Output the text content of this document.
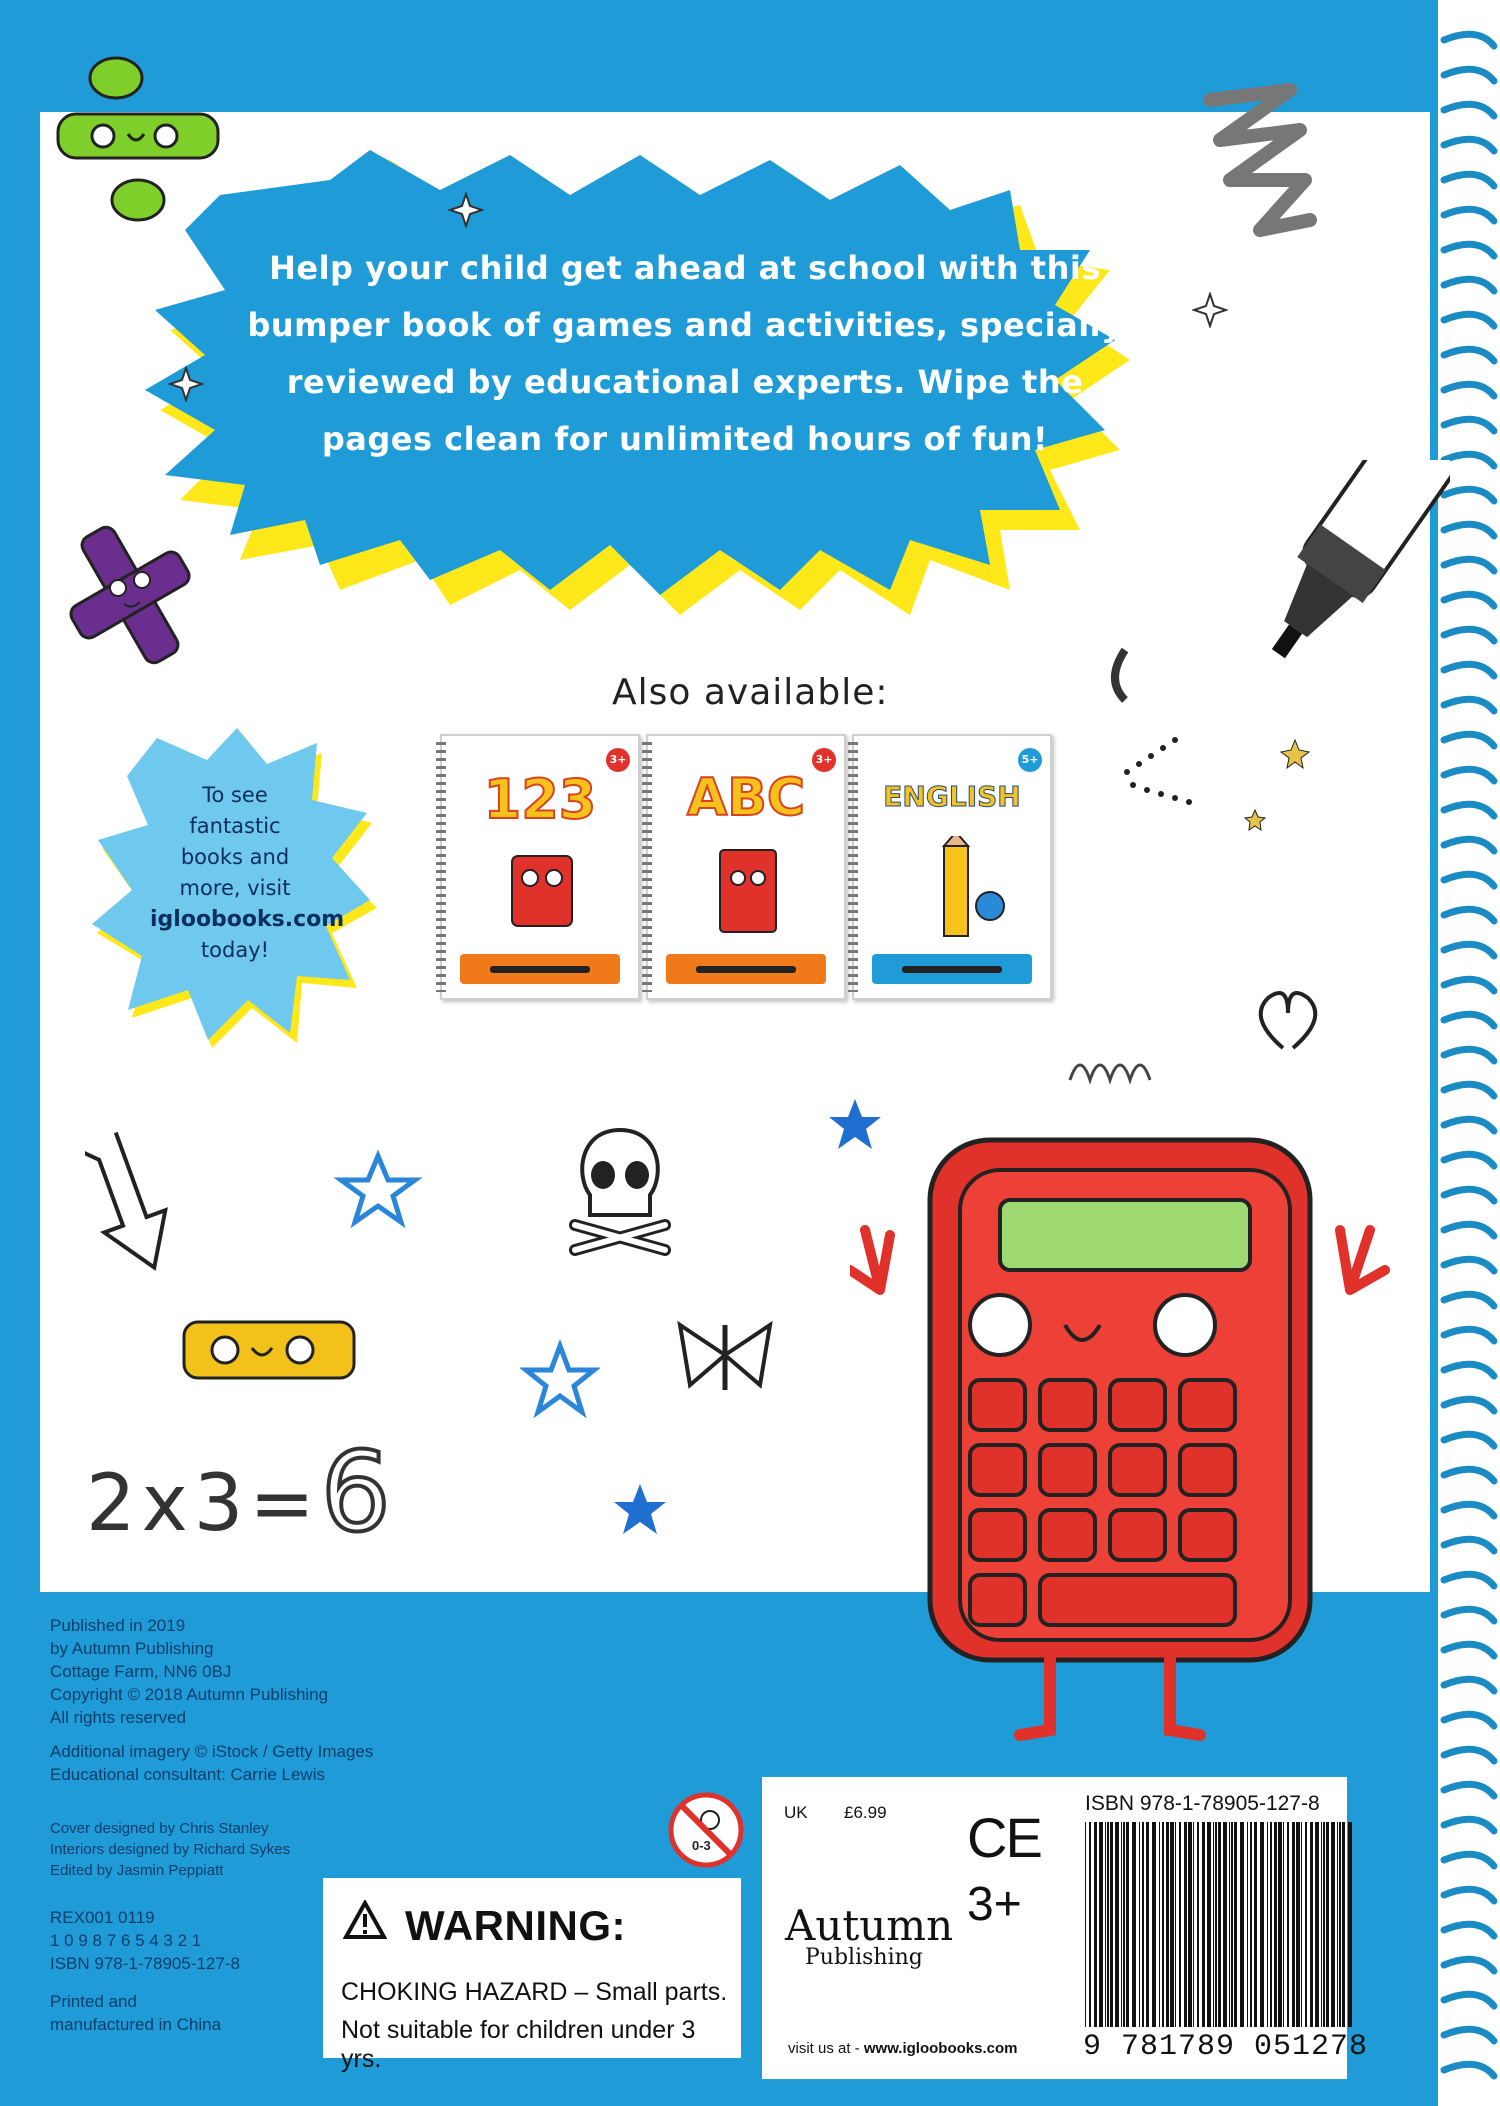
Help your child get ahead at school with this
bumper book of games and activities, specially
reviewed by educational experts. Wipe the
pages clean for unlimited hours of fun!
Also available:
3+
123
3+
ABC
5+
ENGLISH
To see
fantastic
books and
more, visit
igloobooks.com
today!
2x3=6
Published in 2019
by Autumn Publishing
Cottage Farm, NN6 0BJ
Copyright © 2018 Autumn Publishing
All rights reserved
Additional imagery © iStock / Getty Images
Educational consultant: Carrie Lewis
Cover designed by Chris Stanley
Interiors designed by Richard Sykes
Edited by Jasmin Peppiatt
REX001 0119
1 0 9 8 7 6 5 4 3 2 1
ISBN 978-1-78905-127-8
Printed and
manufactured in China
0-3
WARNING:
CHOKING HAZARD – Small parts.
Not suitable for children under 3 yrs.
UK £6.99 CE
3+
Autumn
Publishing
visit us at - www.igloobooks.com
ISBN 978-1-78905-127-8
9 781789 051278
